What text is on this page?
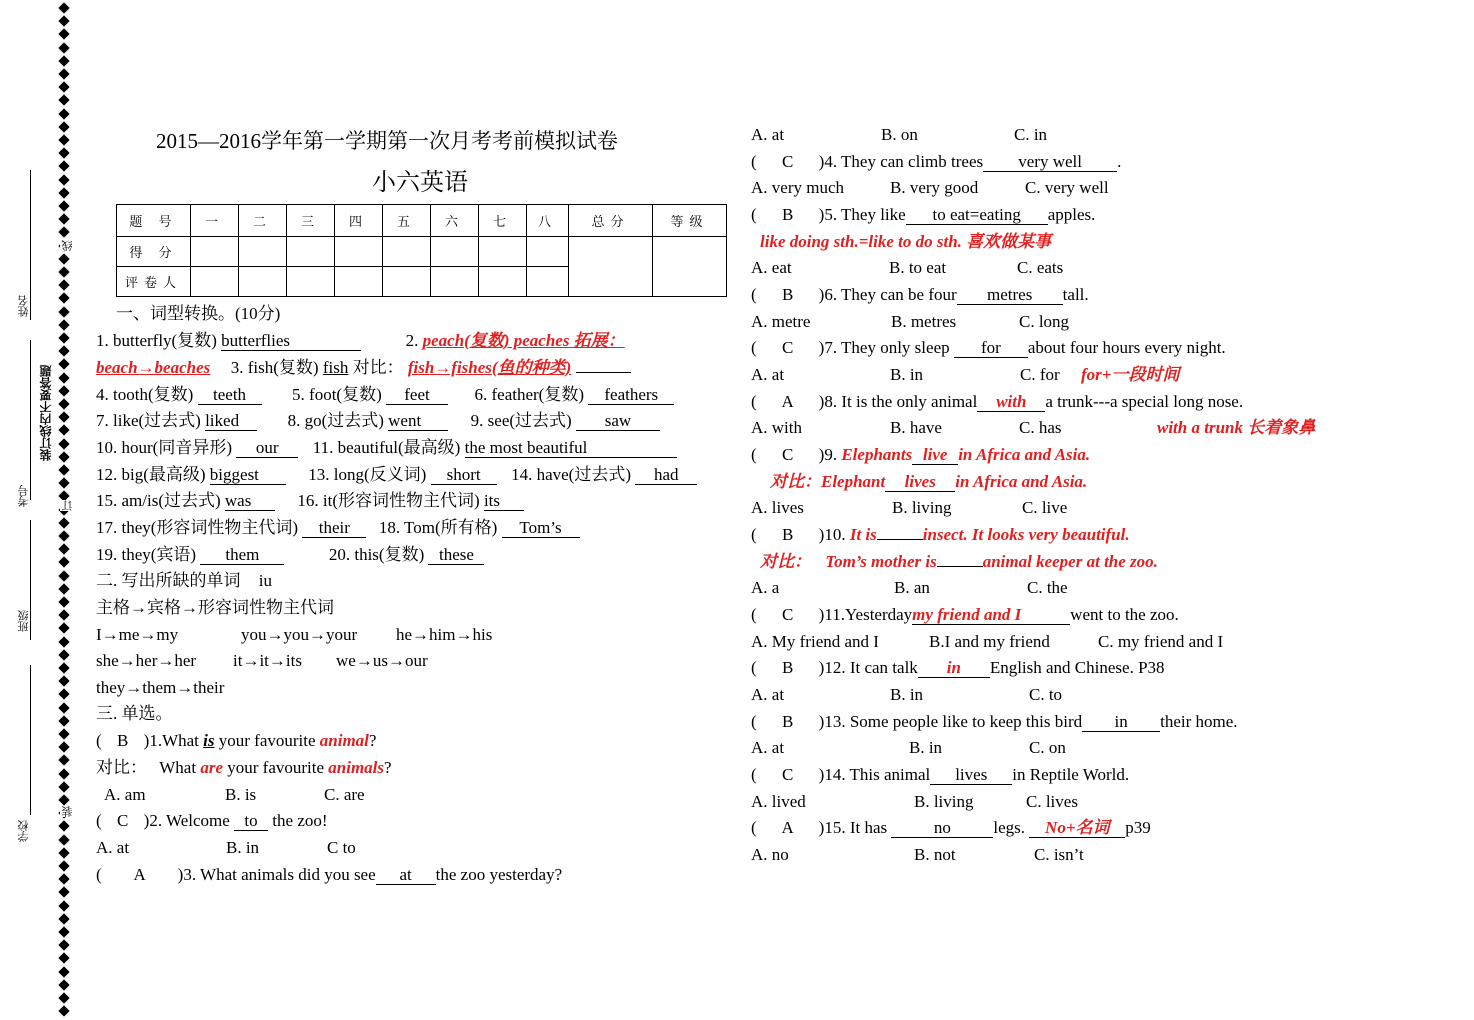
姓名
考号
班级
学校
装订线内不要答题
线
订
装
2015—2016学年第一学期第一次月考考前模拟试卷
小六英语
题 号	一	二	三	四	五	六	七	八	总分	等级
得 分										
评卷人										
一、词型转换。(10分)
1. butterfly(复数) butterflies	2. peach(复数) peaches 拓展：
beach→beaches 3. fish(复数) fish 对比： fish→fishes(鱼的种类)
4. tooth(复数) teeth	5. foot(复数) feet	6. feather(复数) feathers
7. like(过去式) liked	8. go(过去式) went	9. see(过去式) saw
10. hour(同音异形) our 11. beautiful(最高级) the most beautiful
12. big(最高级) biggest	13. long(反义词) short 14. have(过去式) had
15. am/is(过去式) was	16. it(形容词性物主代词) its
17. they(形容词性物主代词) their 18. Tom(所有格) Tom’s
19. they(宾语) them	20. this(复数) these
二. 写出所缺的单词 iu
主格→宾格→形容词性物主代词
I→me→my	you→you→your he→him→his
she→her→her it→it→its we→us→our
they→them→their
三. 单选。
( B )1.What is your favourite animal?
对比： What are your favourite animals?
A. am	B. is	C. are
( C )2. Welcome to the zoo!
A. at	B. in	C to
( A )3. What animals did you see at the zoo yesterday?
A. at	B. on	C. in
( C )4. They can climb trees very well .
A. very much	B. very good	C. very well
( B )5. They like to eat=eating apples.
like doing sth.=like to do sth. 喜欢做某事
A. eat	B. to eat	C. eats
( B )6. They can be four metres tall.
A. metre	B. metres	C. long
( C )7. They only sleep for about four hours every night.
A. at	B. in	C. for for+一段时间
( A )8. It is the only animal with a trunk---a special long nose.
A. with	B. have	C. has	with a trunk 长着象鼻
( C )9. Elephants live in Africa and Asia.
对比：Elephant lives in Africa and Asia.
A. lives	B. living	C. live
( B )10. It is	insect. It looks very beautiful.
对比： Tom’s mother is	animal keeper at the zoo.
A. a	B. an	C. the
( C )11.Yesterdaymy friend and I	went to the zoo.
A. My friend and I	B.I and my friend	C. my friend and I
( B )12. It can talk in English and Chinese. P38
A. at	B. in	C. to
( B )13. Some people like to keep this bird in their home.
A. at	B. in	C. on
( C )14. This animal lives in Reptile World.
A. lived	B. living	C. lives
( A )15. It has	no	legs. No+名词 p39
A. no	B. not	C. isn’t
